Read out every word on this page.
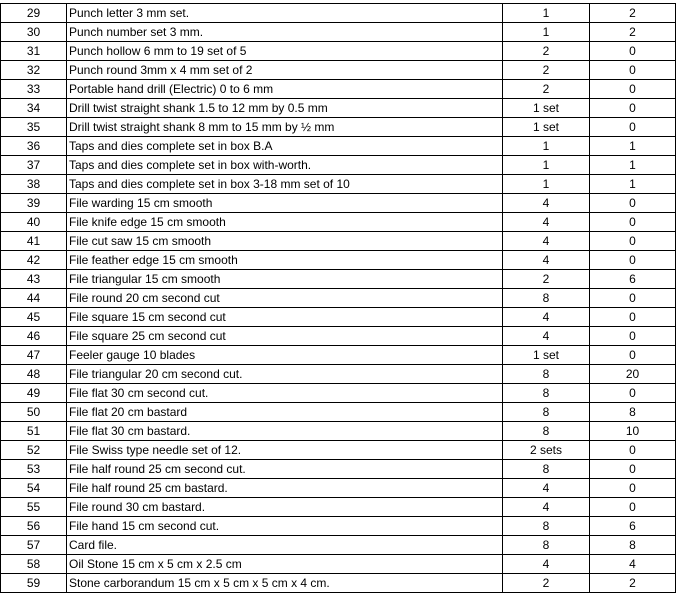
29	Punch letter 3 mm set.	1	2
30	Punch number set 3 mm.	1	2
31	Punch hollow 6 mm to 19 set of 5	2	0
32	Punch round 3mm x 4 mm set of 2	2	0
33	Portable hand drill (Electric) 0 to 6 mm	2	0
34	Drill twist straight shank 1.5 to 12 mm by 0.5 mm	1 set	0
35	Drill twist straight shank 8 mm to 15 mm by ½ mm	1 set	0
36	Taps and dies complete set in box B.A	1	1
37	Taps and dies complete set in box with-worth.	1	1
38	Taps and dies complete set in box 3-18 mm set of 10	1	1
39	File warding 15 cm smooth	4	0
40	File knife edge 15 cm smooth	4	0
41	File cut saw 15 cm smooth	4	0
42	File feather edge 15 cm smooth	4	0
43	File triangular 15 cm smooth	2	6
44	File round 20 cm second cut	8	0
45	File square 15 cm second cut	4	0
46	File square 25 cm second cut	4	0
47	Feeler gauge 10 blades	1 set	0
48	File triangular 20 cm second cut.	8	20
49	File flat 30 cm second cut.	8	0
50	File flat 20 cm bastard	8	8
51	File flat 30 cm bastard.	8	10
52	File Swiss type needle set of 12.	2 sets	0
53	File half round 25 cm second cut.	8	0
54	File half round 25 cm bastard.	4	0
55	File round 30 cm bastard.	4	0
56	File hand 15 cm second cut.	8	6
57	Card file.	8	8
58	Oil Stone 15 cm x 5 cm x 2.5 cm	4	4
59	Stone carborandum 15 cm x 5 cm x 5 cm x 4 cm.	2	2
